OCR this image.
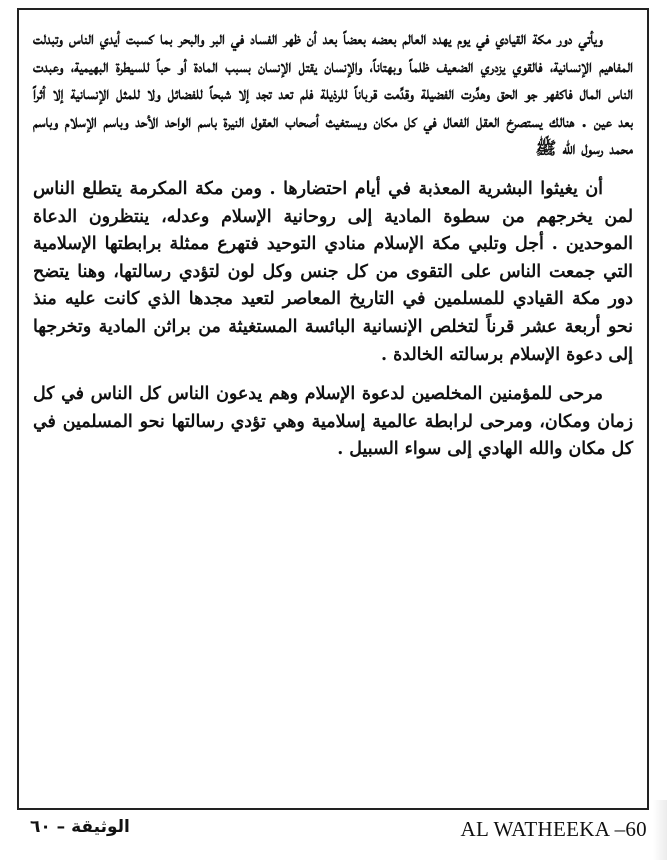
ويأتي دور مكة القيادي في يوم يهدد العالم بعضه بعضاً بعد أن ظهر الفساد في البر والبحر بما كسبت أيدي الناس وتبدلت المفاهيم الإنسانية، فالقوي يزدري الضعيف ظلماً وبهتاناً، والإنسان يقتل الإنسان بسبب المادة أو حباً للسيطرة البهيمية، وعبدت الناس المال فاكفهر جو الحق وهدِّرت الفضيلة وقدِّمت قرباناً للرذيلة فلم تعد تجد إلا شبحاً للفضائل ولا للمثل الإنسانية إلا أثراً بعد عين . هنالك يستصرخ العقل الفعال في كل مكان ويستغيث أصحاب العقول النيرة باسم الواحد الأحد وباسم الإسلام وباسم محمد رسول الله ﷺ

أن يغيثوا البشرية المعذبة في أيام احتضارها . ومن مكة المكرمة يتطلع الناس لمن يخرجهم من سطوة المادية إلى روحانية الإسلام وعدله، ينتظرون الدعاة الموحدين . أجل وتلبي مكة الإسلام منادي التوحيد فتهرع ممثلة برابطتها الإسلامية التي جمعت الناس على التقوى من كل جنس وكل لون لتؤدي رسالتها، وهنا يتضح دور مكة القيادي للمسلمين في التاريخ المعاصر لتعيد مجدها الذي كانت عليه منذ نحو أربعة عشر قرناً لتخلص الإنسانية البائسة المستغيثة من براثن المادية وتخرجها إلى دعوة الإسلام برسالته الخالدة .

مرحى للمؤمنين المخلصين لدعوة الإسلام وهم يدعون الناس كل الناس في كل زمان ومكان، ومرحى لرابطة عالمية إسلامية وهي تؤدي رسالتها نحو المسلمين في كل مكان والله الهادي إلى سواء السبيل .

الوثيقة – ٦٠	AL WATHEEKA –60
